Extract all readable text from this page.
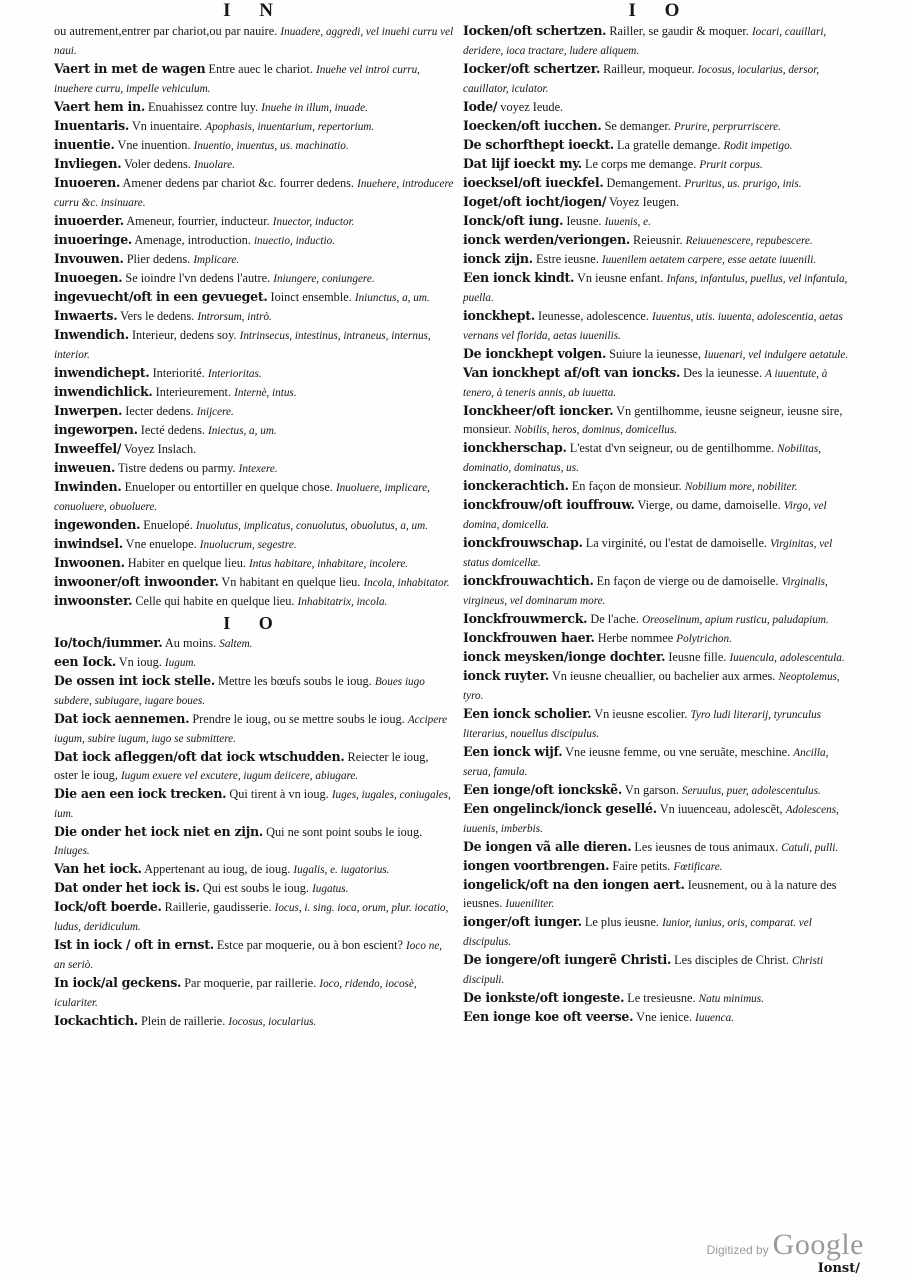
I N
ou autrement,entrer par chariot,ou par nauire. Inuadere, aggredi, vel inuehi curru vel naui.
Vaert in met de wagen Entre auec le chariot. Inuehe vel introi curru, inuehere curru, impelle vehiculum.
Vaert hem in. Enuahissez contre luy. Inuehe in illum, inuade.
Inuentaris. Vn inuentaire. Apophasis, inuentarium, repertorium.
inuentie. Vne inuention. Inuentio, inuentus, us. machinatio.
Invliegen. Voler dedens. Inuolare.
Inuoeren. Amener dedens par chariot &c. fourrer dedens. Inuehere, introducere curru &c. insinuare.
inuoerder. Ameneur, fourrier, inducteur. Inuector, inductor.
inuoeringe. Amenage, introduction. inuectio, inductio.
Invouwen. Plier dedens. Implicare.
Inuoegen. Se ioindre l'vn dedens l'autre. Iniungere, coniungere.
ingevuecht/oft in een gevueget. Ioinct ensemble. Iniunctus, a, um.
Inwaerts. Vers le dedens. Introrsum, intrò.
Inwendich. Interieur, dedens soy. Intrinsecus, intestinus, intraneus, internus, interior.
inwendichept. Interiorité. Interioritas.
inwendichlick. Interieurement. Internè, intus.
Inwerpen. Iecter dedens. Inijcere.
ingeworpen. Iecté dedens. Iniectus, a, um.
Inweeffel/ Voyez Inslach.
inweuen. Tistre dedens ou parmy. Intexere.
Inwinden. Enueloper ou entortiller en quelque chose. Inuoluere, implicare, conuoluere, obuoluere.
ingewonden. Enuelopé. Inuolutus, implicatus, conuolutus, obuolutus, a, um.
inwindsel. Vne enuelope. Inuolucrum, segestre.
Inwoonen. Habiter en quelque lieu. Intus habitare, inhabitare, incolere.
inwooner/oft inwoonder. Vn habitant en quelque lieu. Incola, inhabitator.
inwoonster. Celle qui habite en quelque lieu. Inhabitatrix, incola.
I O
Io/toch/iummer. Au moins. Saltem.
een Iock. Vn ioug. Iugum.
De ossen int iock stelle. Mettre les bœufs soubs le ioug. Boues iugo subdere, subiugare, iugare boues.
Dat iock aennemen. Prendre le ioug, ou se mettre soubs le ioug. Accipere iugum, subire iugum, iugo se submittere.
Dat iock afleggen/oft dat iock wtschudden. Reiecter le ioug, oster le ioug, Iugum exuere vel excutere, iugum deiicere, abiugare.
Die aen een iock trecken. Qui tirent à vn ioug. Iuges, iugales, coniugales, ium.
Die onder het iock niet en zijn. Qui ne sont point soubs le ioug. Iniuges.
Van het iock. Appertenant au ioug, de ioug. Iugalis, e. iugatorius.
Dat onder het iock is. Qui est soubs le ioug. Iugatus.
Iock/oft boerde. Raillerie, gaudisserie. Iocus, i. sing. ioca, orum, plur. iocatio, ludus, deridiculum.
Ist in iock / oft in ernst. Estce par moquerie, ou à bon escient? Ioco ne, an seriò.
In iock/al geckens. Par moquerie, par raillerie. Ioco, ridendo, iocosè, iculariter.
Iockachtich. Plein de raillerie. Iocosus, iocularius.
I O
Iocken/oft schertzen. Railler, se gaudir & moquer. Iocari, cauillari, deridere, ioca tractare, ludere aliquem.
Iocker/oft schertzer. Railleur, moqueur. Iocosus, iocularius, dersor, cauillator, iculator.
Iode/ voyez Ieude.
Ioecken/oft iucchen. Se demanger. Prurire, perprurriscere.
De schorfthept ioeckt. La gratelle demange. Rodit impetigo.
Dat lijf ioeckt my. Le corps me demange. Prurit corpus.
ioecksel/oft iueckfel. Demangement. Pruritus, us. prurigo, inis.
Ioget/oft iocht/iogen/ Voyez Ieugen.
Ionck/oft iung. Ieusne. Iuuenis, e.
ionck werden/veriongen. Reieusnir. Reiuuenescere, repubescere.
ionck zijn. Estre ieusne. Iuuenilem aetatem carpere, esse aetate iuuenili.
Een ionck kindt. Vn ieusne enfant. Infans, infantulus, puellus, vel infantula, puella.
ionckhept. Ieunesse, adolescence. Iuuentus, utis. iuuenta, adolescentia, aetas vernans vel florida, aetas iuuenilis.
De ionckhept volgen. Suiure la ieunesse, Iuuenari, vel indulgere aetatule.
Van ionckhept af/oft van ioncks. Des la ieunesse. A iuuentute, à tenero, à teneris annis, ab iuuetta.
Ionckheer/oft ioncker. Vn gentilhomme, ieusne seigneur, ieusne sire, monsieur. Nobilis, heros, dominus, domicellus.
ionckherschap. L'estat d'vn seigneur, ou de gentilhomme. Nobilitas, dominatio, dominatus, us.
ionckerachtich. En façon de monsieur. Nobilium more, nobiliter.
ionckfrouw/oft iouffrouw. Vierge, ou dame, damoiselle. Virgo, vel domina, domicella.
ionckfrouwschap. La virginité, ou l'estat de damoiselle. Virginitas, vel status domicellæ.
ionckfrouwachtich. En façon de vierge ou de damoiselle. Virginalis, virgineus, vel dominarum more.
Ionckfrouwmerck. De l'ache. Oreoselinum, apium rusticu, paludapium.
Ionckfrouwen haer. Herbe nommee Polytrichon.
ionck meysken/ionge dochter. Ieusne fille. Iuuencula, adolescentula.
ionck ruyter. Vn ieusne cheuallier, ou bachelier aux armes. Neoptolemus, tyro.
Een ionck scholier. Vn ieusne escolier. Tyro ludi literarij, tyrunculus literarius, nouellus discipulus.
Een ionck wijf. Vne ieusne femme, ou vne seruãte, meschine. Ancilla, serua, famula.
Een ionge/oft ionckskẽ. Vn garson. Seruulus, puer, adolescentulus.
Een ongelinck/ionck gesellé. Vn iuuenceau, adolescẽt, Adolescens, iuuenis, imberbis.
De iongen vã alle dieren. Les ieusnes de tous animaux. Catuli, pulli.
iongen voortbrengen. Faire petits. Fœtificare.
iongelick/oft na den iongen aert. Ieusnement, ou à la nature des ieusnes. Iuueniliter.
ionger/oft iunger. Le plus ieusne. Iunior, iunius, oris, comparat. vel discipulus.
De iongere/oft iungerẽ Christi. Les disciples de Christ. Christi discipuli.
De ionkste/oft iongeste. Le tresieusne. Natu minimus.
Een ionge koe oft veerse. Vne ienice. Iuuenca.
Digitized by Google
Ionst/
